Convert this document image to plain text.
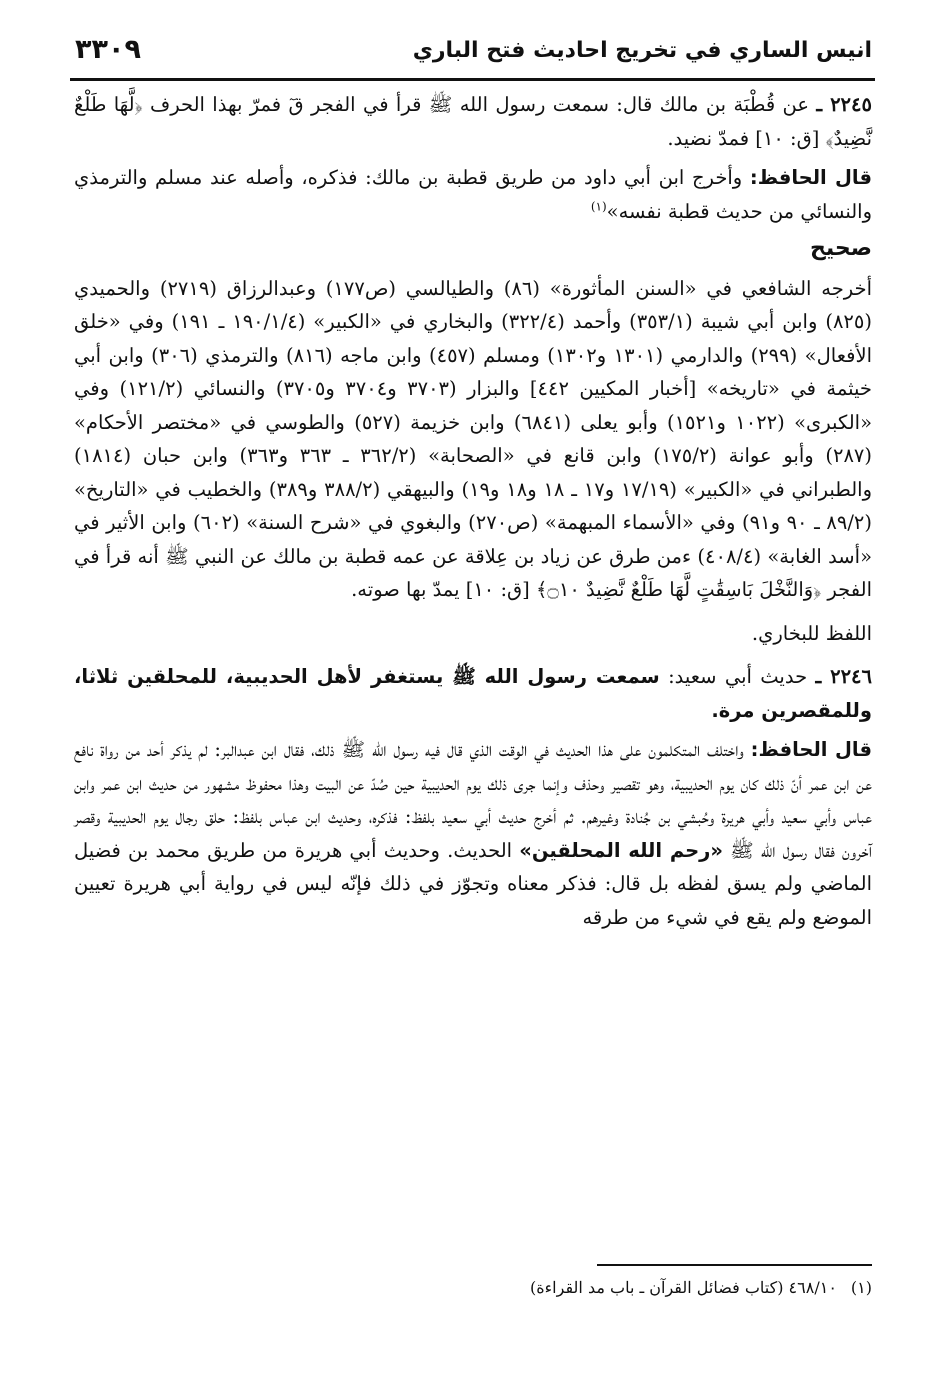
انيس الساري في تخريج احاديث فتح الباري
٣٣٠٩

٢٢٤٥ ـ عن قُطْبَة بن مالك قال: سمعت رسول الله ﷺ قرأ في الفجر قٓ فمرّ بهذا الحرف ﴿لَّهَا طَلْعٌ نَّضِيدٌ﴾ [ق: ١٠] فمدّ نضيد.

قال الحافظ: وأخرج ابن أبي داود من طريق قطبة بن مالك: فذكره، وأصله عند مسلم والترمذي والنسائي من حديث قطبة نفسه»$^{(١)}$

صحيح

أخرجه الشافعي في «السنن المأثورة» (٨٦) والطيالسي (ص١٧٧) وعبدالرزاق (٢٧١٩) والحميدي (٨٢٥) وابن أبي شيبة (٣٥٣/١) وأحمد (٣٢٢/٤) والبخاري في «الكبير» (١٩٠/١/٤ ـ ١٩١) وفي «خلق الأفعال» (٢٩٩) والدارمي (١٣٠١ و١٣٠٢) ومسلم (٤٥٧) وابن ماجه (٨١٦) والترمذي (٣٠٦) وابن أبي خيثمة في «تاريخه» [أخبار المكيين ٤٤٢] والبزار (٣٧٠٣ و٣٧٠٤ و٣٧٠٥) والنسائي (١٢١/٢) وفي «الكبرى» (١٠٢٢ و١٥٢١) وأبو يعلى (٦٨٤١) وابن خزيمة (٥٢٧) والطوسي في «مختصر الأحكام» (٢٨٧) وأبو عوانة (١٧٥/٢) وابن قانع في «الصحابة» (٣٦٢/٢ ـ ٣٦٣ و٣٦٣) وابن حبان (١٨١٤) والطبراني في «الكبير» (١٧/١٩ و١٧ ـ ١٨ و١٨ و١٩) والبيهقي (٣٨٨/٢ و٣٨٩) والخطيب في «التاريخ» (٨٩/٢ ـ ٩٠ و٩١) وفي «الأسماء المبهمة» (ص٢٧٠) والبغوي في «شرح السنة» (٦٠٢) وابن الأثير في «أسد الغابة» (٤٠٨/٤) ءمن طرق عن زياد بن عِلاقة عن عمه قطبة بن مالك عن النبي ﷺ أنه قرأ في الفجر ﴿وَالنَّخْلَ بَاسِقَٰتٍ لَّهَا طَلْعٌ نَّضِيدٌ ۝١٠﴾ [ق: ١٠] يمدّ بها صوته.

اللفظ للبخاري.

٢٢٤٦ ـ حديث أبي سعيد: سمعت رسول الله ﷺ يستغفر لأهل الحديبية، للمحلقين ثلاثا، وللمقصرين مرة.

قال الحافظ: واختلف المتكلمون على هذا الحديث في الوقت الذي قال فيه رسول الله ﷺ ذلك، فقال ابن عبدالبر: لم يذكر أحد من رواة نافع عن ابن عمر أنّ ذلك كان يوم الحديبية، وهو تقصير وحذف وإنما جرى ذلك يوم الحديبية حين صُدّ عن البيت وهذا محفوظ مشهور من حديث ابن عمر وابن عباس وأبي سعيد وأبي هريرة وحُبشي بن جُنادة وغيرهم. ثم أخرج حديث أبي سعيد بلفظ: فذكره، وحديث ابن عباس بلفظ: حلق رجال يوم الحديبية وقصر آخرون فقال رسول الله ﷺ «رحم الله المحلقين» الحديث. وحديث أبي هريرة من طريق محمد بن فضيل الماضي ولم يسق لفظه بل قال: فذكر معناه وتجوّز في ذلك فإنّه ليس في رواية أبي هريرة تعيين الموضع ولم يقع في شيء من طرقه

(١)٤٦٨/١٠ (كتاب فضائل القرآن ـ باب مد القراءة)
